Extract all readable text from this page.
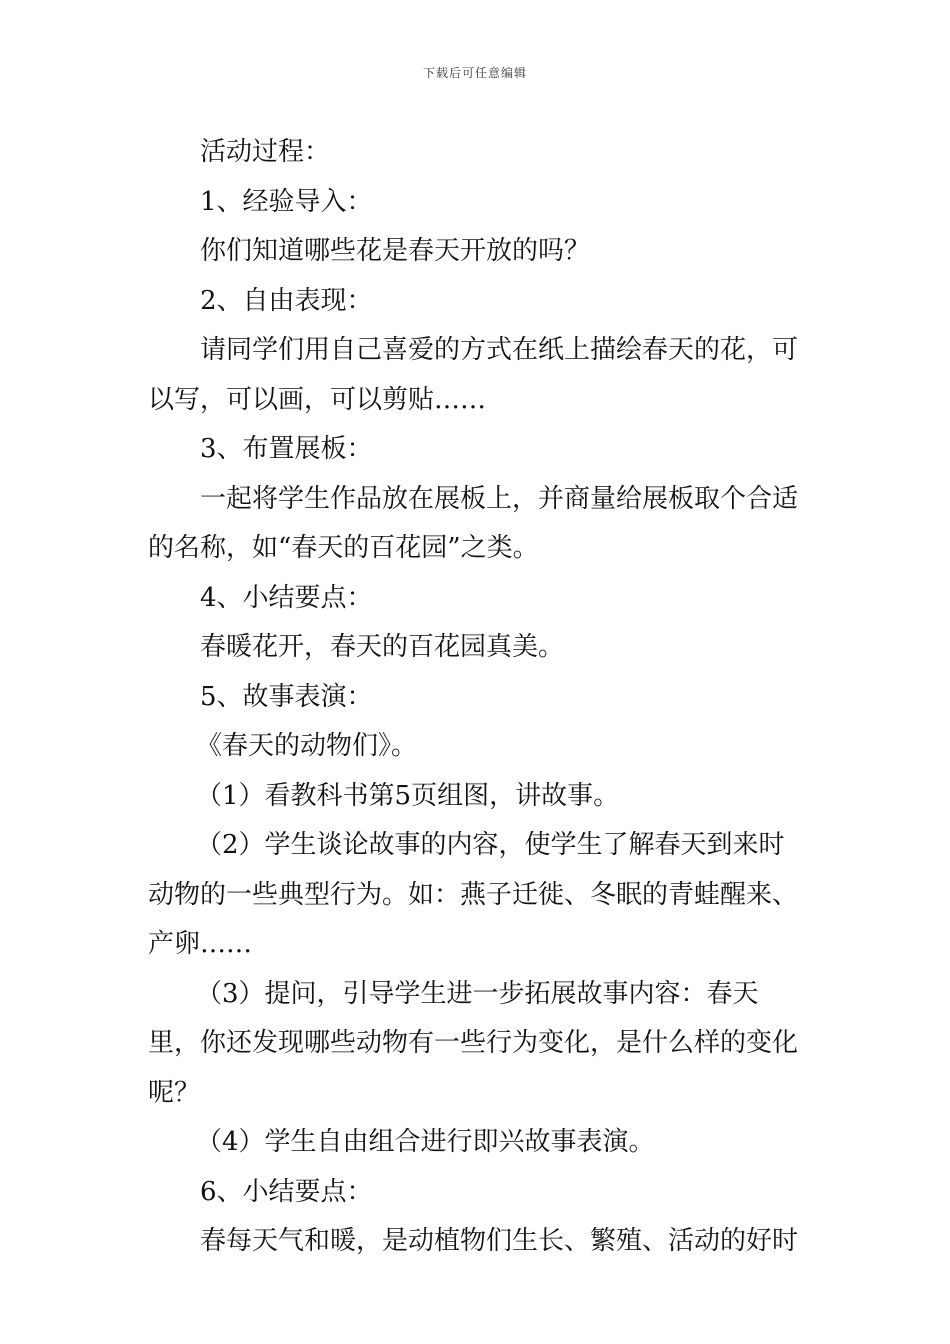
下载后可任意编辑

活动过程：

1、经验导入：

你们知道哪些花是春天开放的吗？

2、自由表现：

请同学们用自己喜爱的方式在纸上描绘春天的花，可以写，可以画，可以剪贴……

3、布置展板：

一起将学生作品放在展板上，并商量给展板取个合适的名称，如“春天的百花园”之类。

4、小结要点：

春暖花开，春天的百花园真美。

5、故事表演：

《春天的动物们》。

（1）看教科书第5页组图，讲故事。

（2）学生谈论故事的内容，使学生了解春天到来时动物的一些典型行为。如：燕子迁徙、冬眠的青蛙醒来、产卵……

（3）提问，引导学生进一步拓展故事内容：春天里，你还发现哪些动物有一些行为变化，是什么样的变化呢？

（4）学生自由组合进行即兴故事表演。

6、小结要点：

春每天气和暖，是动植物们生长、繁殖、活动的好时
